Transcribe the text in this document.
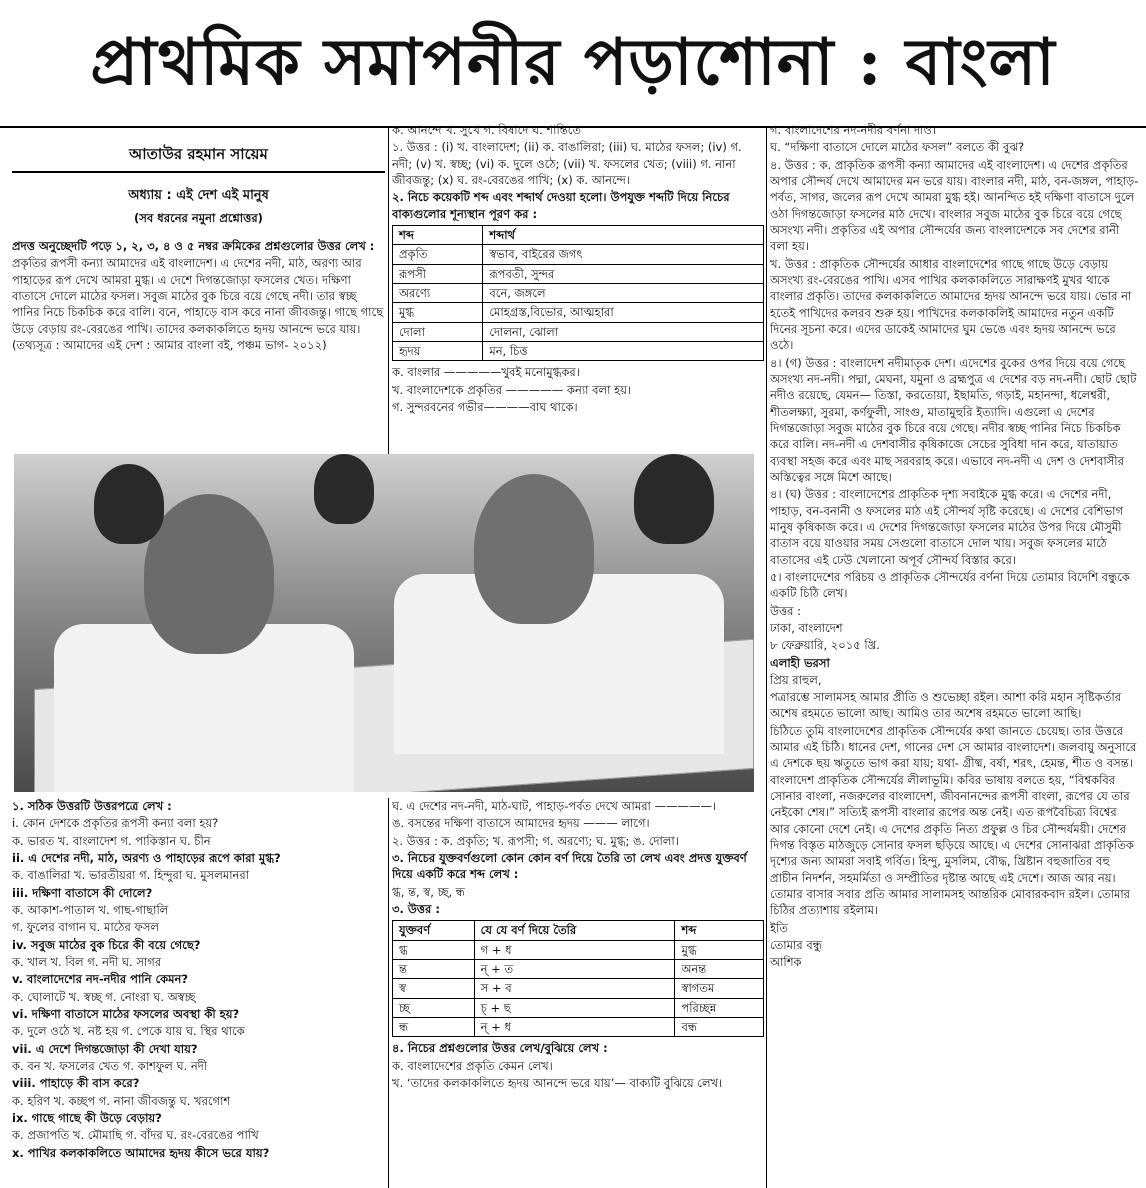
প্রাথমিক সমাপনীর পড়াশোনা : বাংলা
আতাউর রহমান সায়েম
অধ্যায় : এই দেশ এই মানুষ
(সব ধরনের নমুনা প্রশ্নোত্তর)

প্রদত্ত অনুচ্ছেদটি পড়ে ১, ২, ৩, ৪ ও ৫ নম্বর ক্রমিকের প্রশ্নগুলোর উত্তর লেখ :

প্রকৃতির রূপসী কন্যা আমাদের এই বাংলাদেশ। এ দেশের নদী, মাঠ, অরণ্য আর পাহাড়ের রূপ দেখে আমরা মুগ্ধ। এ দেশে দিগন্তজোড়া ফসলের খেত। দক্ষিণা বাতাসে দোলে মাঠের ফসল। সবুজ মাঠের বুক চিরে বয়ে গেছে নদী। তার স্বচ্ছ পানির নিচে চিকচিক করে বালি। বনে, পাহাড়ে বাস করে নানা জীবজন্তু। গাছে গাছে উড়ে বেড়ায় রং-বেরঙের পাখি। তাদের কলকাকলিতে হৃদয় আনন্দে ভরে যায়। (তথ্যসূত্র : আমাদের এই দেশ : আমার বাংলা বই, পঞ্চম ভাগ- ২০১২)

ক. আনন্দে খ. সুখে গ. বিষাদে ঘ. শান্তিতে

১. উত্তর : (i) খ. বাংলাদেশ; (ii) ক. বাঙালিরা; (iii) ঘ. মাঠের ফসল; (iv) গ. নদী; (v) খ. স্বচ্ছ; (vi) ক. দুলে ওঠে; (vii) খ. ফসলের খেত; (viii) গ. নানা জীবজন্তু; (x) ঘ. রং-বেরঙের পাখি; (x) ক. আনন্দে।

২. নিচে কয়েকটি শব্দ এবং শব্দার্থ দেওয়া হলো। উপযুক্ত শব্দটি দিয়ে নিচের বাক্যগুলোর শূন্যস্থান পূরণ কর :

শব্দ	শব্দার্থ
প্রকৃতি	স্বভাব, বাইরের জগৎ
রূপসী	রূপবতী, সুন্দর
অরণ্যে	বনে, জঙ্গলে
মুগ্ধ	মোহগ্রস্ত,বিভোর, আত্মহারা
দোলা	দোলনা, ঝোলা
হৃদয়	মন, চিত্ত

ক. বাংলার —————খুবই মনোমুগ্ধকর।

খ. বাংলাদেশকে প্রকৃতির ————— কন্যা বলা হয়।

গ. সুন্দরবনের গভীর————বাঘ থাকে।

গ. বাংলাদেশের নদ-নদীর বর্ণনা দাও।

ঘ. “দক্ষিণা বাতাসে দোলে মাঠের ফসল” বলতে কী বুঝ?

৪. উত্তর : ক. প্রাকৃতিক রূপসী কন্যা আমাদের এই বাংলাদেশ। এ দেশের প্রকৃতির অপার সৌন্দর্য দেখে আমাদের মন ভরে যায়। বাংলার নদী, মাঠ, বন-জঙ্গল, পাহাড়-পর্বত, সাগর, জলের রূপ দেখে আমরা মুগ্ধ হই। আনন্দিত হই দক্ষিণা বাতাসে দুলে ওঠা দিগন্তজোড়া ফসলের মাঠ দেখে। বাংলার সবুজ মাঠের বুক চিরে বয়ে গেছে অসংখ্য নদী। প্রকৃতির এই অপার সৌন্দর্যের জন্য বাংলাদেশকে সব দেশের রানী বলা হয়।

খ. উত্তর : প্রাকৃতিক সৌন্দর্যের আধার বাংলাদেশের গাছে গাছে উড়ে বেড়ায় অসংখ্য রং-বেরঙের পাখি। এসব পাখির কলকাকলিতে সারাক্ষণই মুখর থাকে বাংলার প্রকৃতি। তাদের কলকাকলিতে আমাদের হৃদয় আনন্দে ভরে যায়। ভোর না হতেই পাখিদের কলরব শুরু হয়। পাখিদের কলকাকলিই আমাদের নতুন একটি দিনের সূচনা করে। এদের ডাকেই আমাদের ঘুম ভেঙে এবং হৃদয় আনন্দে ভরে ওঠে।

৪। (গ) উত্তর : বাংলাদেশ নদীমাতৃক দেশ। এদেশের বুকের ওপর দিয়ে বয়ে গেছে অসংখ্য নদ-নদী। পদ্মা, মেঘনা, যমুনা ও ব্রহ্মপুত্র এ দেশের বড় নদ-নদী। ছোট ছোট নদীও রয়েছে, যেমন— তিস্তা, করতোয়া, ইছামতি, গড়াই, মহানন্দা, ধলেশ্বরী, শীতলক্ষ্যা, সুরমা, কর্ণফুলী, সাংগু, মাতামুহুরি ইত্যাদি। এগুলো এ দেশের দিগন্তজোড়া সবুজ মাঠের বুক চিরে বয়ে গেছে। নদীর স্বচ্ছ পানির নিচে চিকচিক করে বালি। নদ-নদী এ দেশবাসীর কৃষিকাজে সেচের সুবিধা দান করে, যাতায়াত ব্যবস্থা সহজ করে এবং মাছ সরবরাহ করে। এভাবে নদ-নদী এ দেশ ও দেশবাসীর অস্তিত্বের সঙ্গে মিশে আছে।

৪। (ঘ) উত্তর : বাংলাদেশের প্রাকৃতিক দৃশ্য সবাইকে মুগ্ধ করে। এ দেশের নদী, পাহাড়, বন-বনানী ও ফসলের মাঠ এই সৌন্দর্য সৃষ্টি করেছে। এ দেশের বেশিভাগ মানুষ কৃষিকাজ করে। এ দেশের দিগন্তজোড়া ফসলের মাঠের উপর দিয়ে মৌসুমী বাতাস বয়ে যাওয়ার সময় সেগুলো বাতাসে দোল খায়। সবুজ ফসলের মাঠে বাতাসের এই ঢেউ খেলানো অপূর্ব সৌন্দর্য বিস্তার করে।

৫। বাংলাদেশের পরিচয় ও প্রাকৃতিক সৌন্দর্যের বর্ণনা দিয়ে তোমার বিদেশি বন্ধুকে একটি চিঠি লেখ।

উত্তর :

ঢাকা, বাংলাদেশ

৮ ফেব্রুয়ারি, ২০১৫ খ্রি.

এলাহী ভরসা

প্রিয় রাহুল,

পত্রারম্ভে সালামসহ আমার প্রীতি ও শুভেচ্ছা রইল। আশা করি মহান সৃষ্টিকর্তার অশেষ রহমতে ভালো আছ। আমিও তার অশেষ রহমতে ভালো আছি।

চিঠিতে তুমি বাংলাদেশের প্রাকৃতিক সৌন্দর্যের কথা জানতে চেয়েছ। তার উত্তরে আমার এই চিঠি। ধানের দেশ, গানের দেশ সে আমার বাংলাদেশ। জলবায়ু অনুসারে এ দেশকে ছয় ঋতুতে ভাগ করা যায়; যথা- গ্রীষ্ম, বর্ষা, শরৎ, হেমন্ত, শীত ও বসন্ত। বাংলাদেশ প্রাকৃতিক সৌন্দর্যের লীলাভূমি। কবির ভাষায় বলতে হয়, “বিশ্বকবির সোনার বাংলা, নজরুলের বাংলাদেশ, জীবনানন্দের রূপসী বাংলা, রূপের যে তার নেইকো শেষ।” সত্যিই রূপসী বাংলার রূপের অন্ত নেই। এত রূপবৈচিত্র্য বিশ্বের আর কোনো দেশে নেই। এ দেশের প্রকৃতি নিত্য প্রফুল্ল ও চির সৌন্দর্যময়ী। দেশের দিগন্ত বিস্তৃত মাঠজুড়ে সোনার ফসল ছড়িয়ে আছে। এ দেশের সোনাঝরা প্রাকৃতিক দৃশ্যের জন্য আমরা সবাই গর্বিত। হিন্দু, মুসলিম, বৌদ্ধ, খ্রিষ্টান বহুজাতির বহু প্রাচীন নিদর্শন, সহমর্মিতা ও সম্প্রীতির দৃষ্টান্ত আছে এই দেশে। আজ আর নয়। তোমার বাসার সবার প্রতি আমার সালামসহ আন্তরিক মোবারকবাদ রইল। তোমার চিঠির প্রত্যাশায় রইলাম।

ইতি

তোমার বন্ধু

আশিক

১. সঠিক উত্তরটি উত্তরপত্রে লেখ :

i. কোন দেশকে প্রকৃতির রূপসী কন্যা বলা হয়?

ক. ভারত খ. বাংলাদেশ গ. পাকিস্তান ঘ. চীন

ii. এ দেশের নদী, মাঠ, অরণ্য ও পাহাড়ের রূপে কারা মুগ্ধ?

ক. বাঙালিরা খ. ভারতীয়রা গ. হিন্দুরা ঘ. মুসলমানরা

iii. দক্ষিণা বাতাসে কী দোলে?

ক. আকাশ-পাতাল খ. গাছ-গাছালি

গ. ফুলের বাগান ঘ. মাঠের ফসল

iv. সবুজ মাঠের বুক চিরে কী বয়ে গেছে?

ক. খাল খ. বিল গ. নদী ঘ. সাগর

v. বাংলাদেশের নদ-নদীর পানি কেমন?

ক. ঘোলাটে খ. স্বচ্ছ গ. নোংরা ঘ. অস্বচ্ছ

vi. দক্ষিণা বাতাসে মাঠের ফসলের অবস্থা কী হয়?

ক. দুলে ওঠে খ. নষ্ট হয় গ. পেকে যায় ঘ. স্থির থাকে

vii. এ দেশে দিগন্তজোড়া কী দেখা যায়?

ক. বন খ. ফসলের খেত গ. কাশফুল ঘ. নদী

viii. পাহাড়ে কী বাস করে?

ক. হরিণ খ. কচ্ছপ গ. নানা জীবজন্তু ঘ. খরগোশ

ix. গাছে গাছে কী উড়ে বেড়ায়?

ক. প্রজাপতি খ. মৌমাছি গ. বাঁদর ঘ. রং-বেরঙের পাখি

x. পাখির কলকাকলিতে আমাদের হৃদয় কীসে ভরে যায়?

ঘ. এ দেশের নদ-নদী, মাঠ-ঘাট, পাহাড়-পর্বত দেখে আমরা —————।

ঙ. বসন্তের দক্ষিণা বাতাসে আমাদের হৃদয় ——— লাগে।

২. উত্তর : ক. প্রকৃতি; খ. রূপসী; গ. অরণ্যে; ঘ. মুগ্ধ; ঙ. দোলা।

৩. নিচের যুক্তবর্ণগুলো কোন কোন বর্ণ দিয়ে তৈরি তা লেখ এবং প্রদত্ত যুক্তবর্ণ দিয়ে একটি করে শব্দ লেখ :

গ্ধ, ন্ত, স্ব, চ্ছ, ন্ধ

৩. উত্তর :

যুক্তবর্ণ	যে যে বর্ণ দিয়ে তৈরি	শব্দ
গ্ধ	গ + ধ	মুগ্ধ
ন্ত	ন্ + ত	অনন্ত
স্ব	স + ব	স্বাগতম
চ্ছ	চ্ + ছ	পরিচ্ছন্ন
ন্ধ	ন্ + ধ	বন্ধ

৪. নিচের প্রশ্নগুলোর উত্তর লেখ/বুঝিয়ে লেখ :

ক. বাংলাদেশের প্রকৃতি কেমন লেখ।

খ. ‘তাদের কলকাকলিতে হৃদয় আনন্দে ভরে যায়’— বাক্যটি বুঝিয়ে লেখ।
